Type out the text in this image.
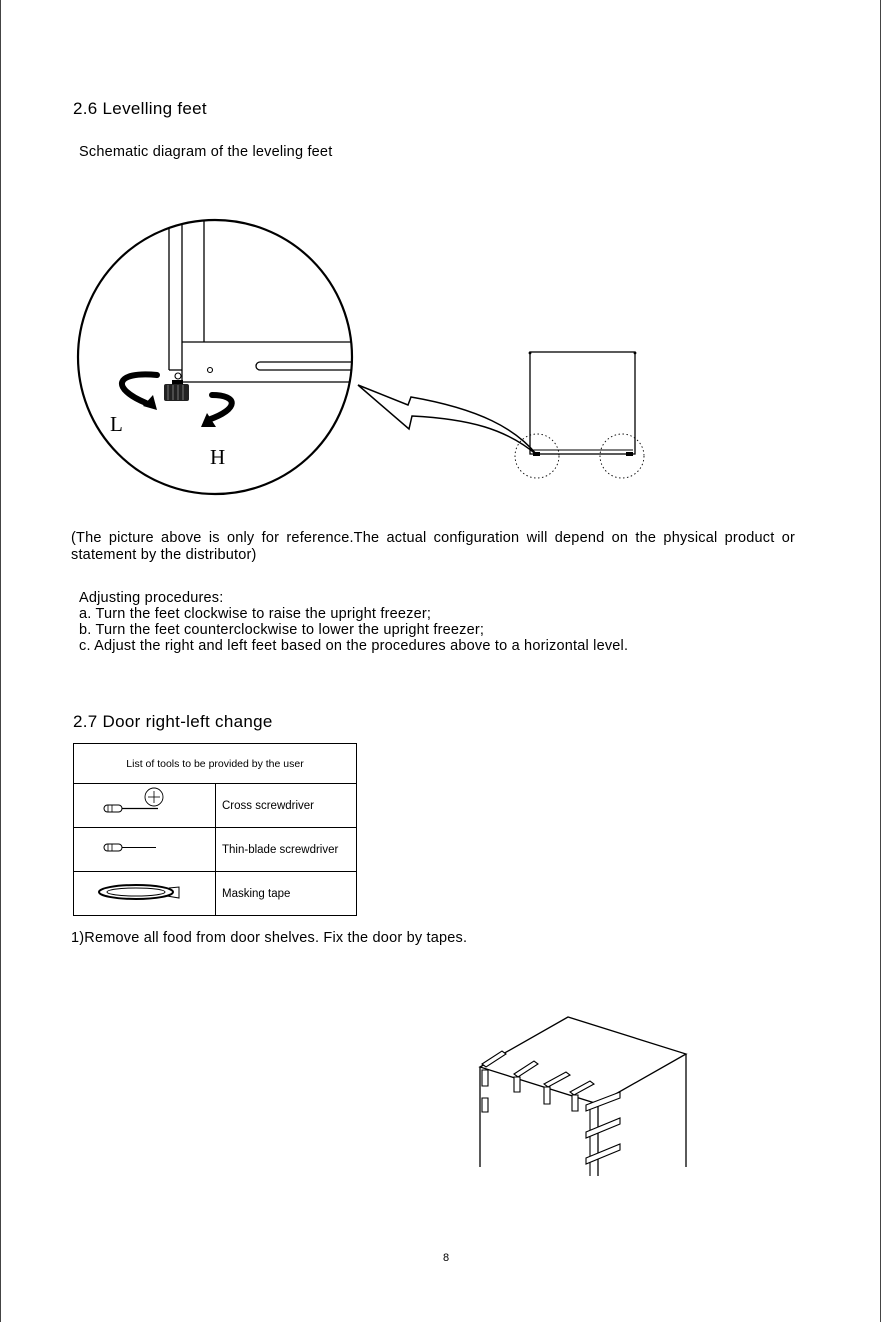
2.6 Levelling feet
Schematic diagram of the leveling feet
L
H
(The picture above is only for reference.The actual configuration will depend on the physical product or statement by the distributor)
Adjusting procedures:
a. Turn the feet clockwise to raise the upright freezer;
b. Turn the feet counterclockwise to lower the upright freezer;
c. Adjust the right and left feet based on the procedures above to a horizontal level.
2.7 Door right-left change
List of tools to be provided by the user	
	Cross screwdriver
	Thin-blade screwdriver
	Masking tape
1)Remove all food from door shelves. Fix the door by tapes.
8
